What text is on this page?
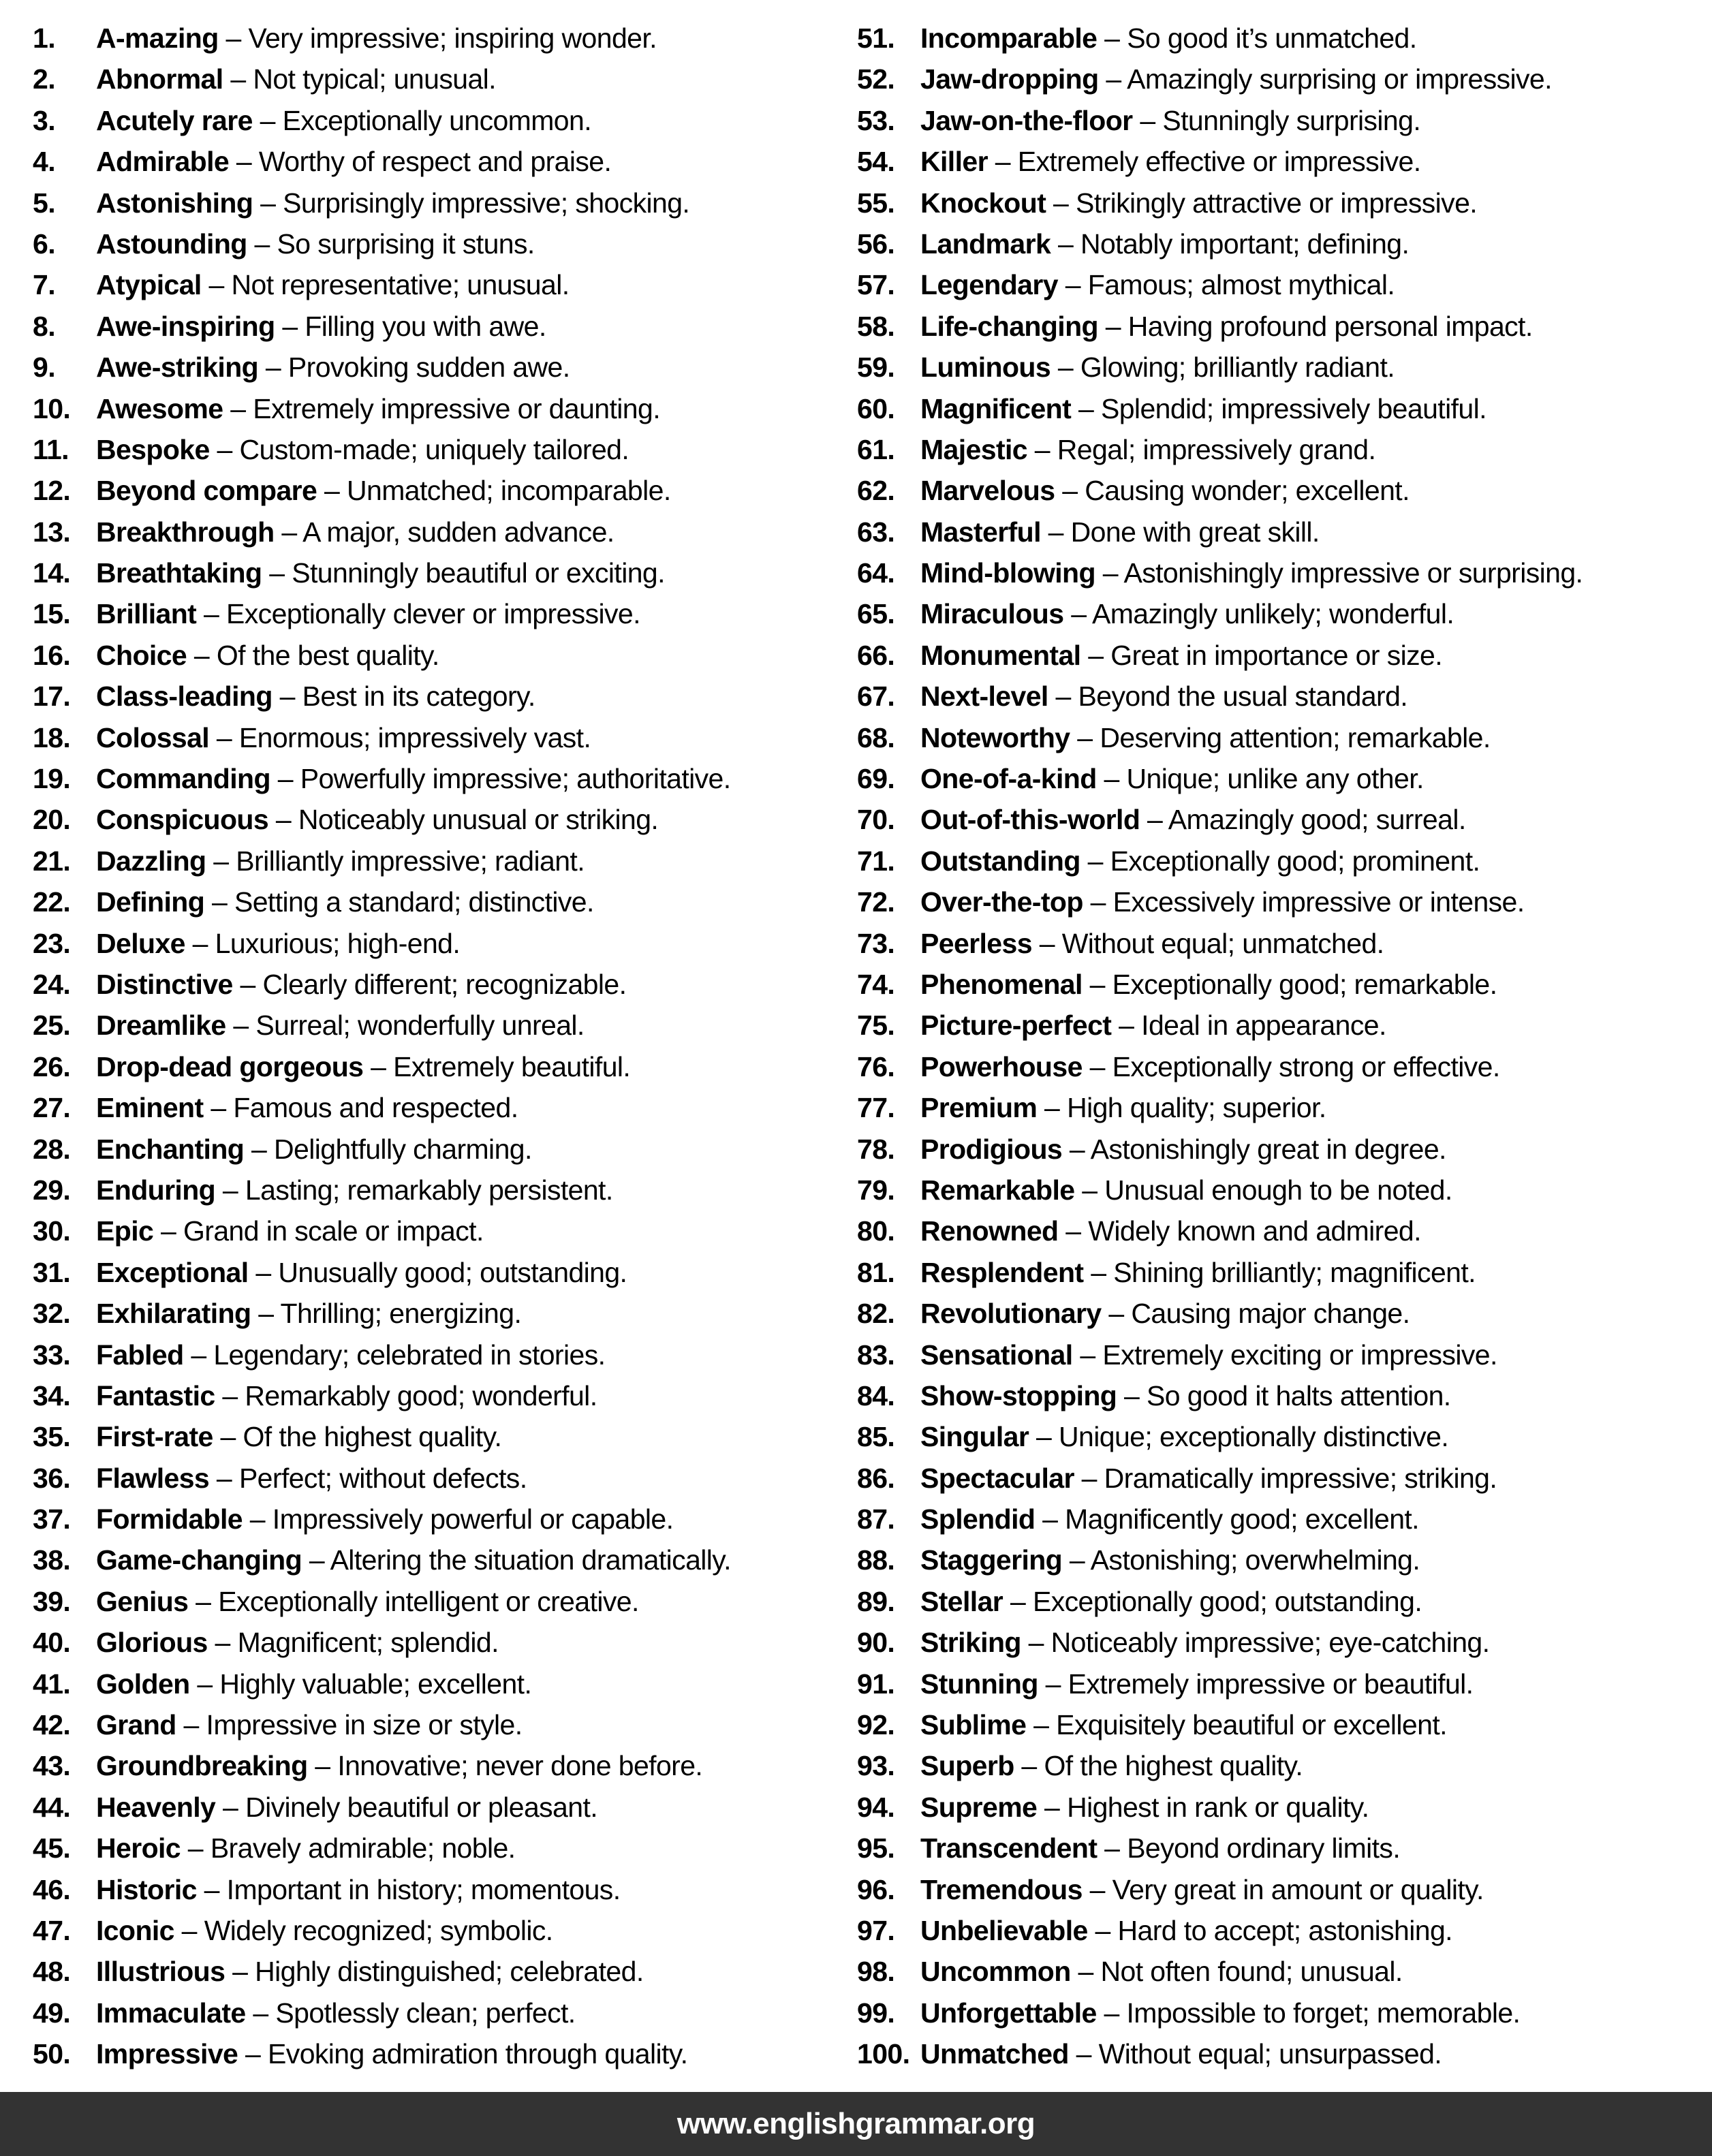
1.	A-mazing – Very impressive; inspiring wonder.
2.	Abnormal – Not typical; unusual.
3.	Acutely rare – Exceptionally uncommon.
4.	Admirable – Worthy of respect and praise.
5.	Astonishing – Surprisingly impressive; shocking.
6.	Astounding – So surprising it stuns.
7.	Atypical – Not representative; unusual.
8.	Awe-inspiring – Filling you with awe.
9.	Awe-striking – Provoking sudden awe.
10. Awesome – Extremely impressive or daunting.
11. Bespoke – Custom-made; uniquely tailored.
12. Beyond compare – Unmatched; incomparable.
13. Breakthrough – A major, sudden advance.
14. Breathtaking – Stunningly beautiful or exciting.
15. Brilliant – Exceptionally clever or impressive.
16. Choice – Of the best quality.
17. Class-leading – Best in its category.
18. Colossal – Enormous; impressively vast.
19. Commanding – Powerfully impressive; authoritative.
20. Conspicuous – Noticeably unusual or striking.
21. Dazzling – Brilliantly impressive; radiant.
22. Defining – Setting a standard; distinctive.
23. Deluxe – Luxurious; high-end.
24. Distinctive – Clearly different; recognizable.
25. Dreamlike – Surreal; wonderfully unreal.
26. Drop-dead gorgeous – Extremely beautiful.
27. Eminent – Famous and respected.
28. Enchanting – Delightfully charming.
29. Enduring – Lasting; remarkably persistent.
30. Epic – Grand in scale or impact.
31. Exceptional – Unusually good; outstanding.
32. Exhilarating – Thrilling; energizing.
33. Fabled – Legendary; celebrated in stories.
34. Fantastic – Remarkably good; wonderful.
35. First-rate – Of the highest quality.
36. Flawless – Perfect; without defects.
37. Formidable – Impressively powerful or capable.
38. Game-changing – Altering the situation dramatically.
39. Genius – Exceptionally intelligent or creative.
40. Glorious – Magnificent; splendid.
41. Golden – Highly valuable; excellent.
42. Grand – Impressive in size or style.
43. Groundbreaking – Innovative; never done before.
44. Heavenly – Divinely beautiful or pleasant.
45. Heroic – Bravely admirable; noble.
46. Historic – Important in history; momentous.
47. Iconic – Widely recognized; symbolic.
48. Illustrious – Highly distinguished; celebrated.
49. Immaculate – Spotlessly clean; perfect.
50. Impressive – Evoking admiration through quality.
51. Incomparable – So good it’s unmatched.
52. Jaw-dropping – Amazingly surprising or impressive.
53. Jaw-on-the-floor – Stunningly surprising.
54. Killer – Extremely effective or impressive.
55. Knockout – Strikingly attractive or impressive.
56. Landmark – Notably important; defining.
57. Legendary – Famous; almost mythical.
58. Life-changing – Having profound personal impact.
59. Luminous – Glowing; brilliantly radiant.
60. Magnificent – Splendid; impressively beautiful.
61. Majestic – Regal; impressively grand.
62. Marvelous – Causing wonder; excellent.
63. Masterful – Done with great skill.
64. Mind-blowing – Astonishingly impressive or surprising.
65. Miraculous – Amazingly unlikely; wonderful.
66. Monumental – Great in importance or size.
67. Next-level – Beyond the usual standard.
68. Noteworthy – Deserving attention; remarkable.
69. One-of-a-kind – Unique; unlike any other.
70. Out-of-this-world – Amazingly good; surreal.
71. Outstanding – Exceptionally good; prominent.
72. Over-the-top – Excessively impressive or intense.
73. Peerless – Without equal; unmatched.
74. Phenomenal – Exceptionally good; remarkable.
75. Picture-perfect – Ideal in appearance.
76. Powerhouse – Exceptionally strong or effective.
77. Premium – High quality; superior.
78. Prodigious – Astonishingly great in degree.
79. Remarkable – Unusual enough to be noted.
80. Renowned – Widely known and admired.
81. Resplendent – Shining brilliantly; magnificent.
82. Revolutionary – Causing major change.
83. Sensational – Extremely exciting or impressive.
84. Show-stopping – So good it halts attention.
85. Singular – Unique; exceptionally distinctive.
86. Spectacular – Dramatically impressive; striking.
87. Splendid – Magnificently good; excellent.
88. Staggering – Astonishing; overwhelming.
89. Stellar – Exceptionally good; outstanding.
90. Striking – Noticeably impressive; eye-catching.
91. Stunning – Extremely impressive or beautiful.
92. Sublime – Exquisitely beautiful or excellent.
93. Superb – Of the highest quality.
94. Supreme – Highest in rank or quality.
95. Transcendent – Beyond ordinary limits.
96. Tremendous – Very great in amount or quality.
97. Unbelievable – Hard to accept; astonishing.
98. Uncommon – Not often found; unusual.
99. Unforgettable – Impossible to forget; memorable.
100. Unmatched – Without equal; unsurpassed.
www.englishgrammar.org
